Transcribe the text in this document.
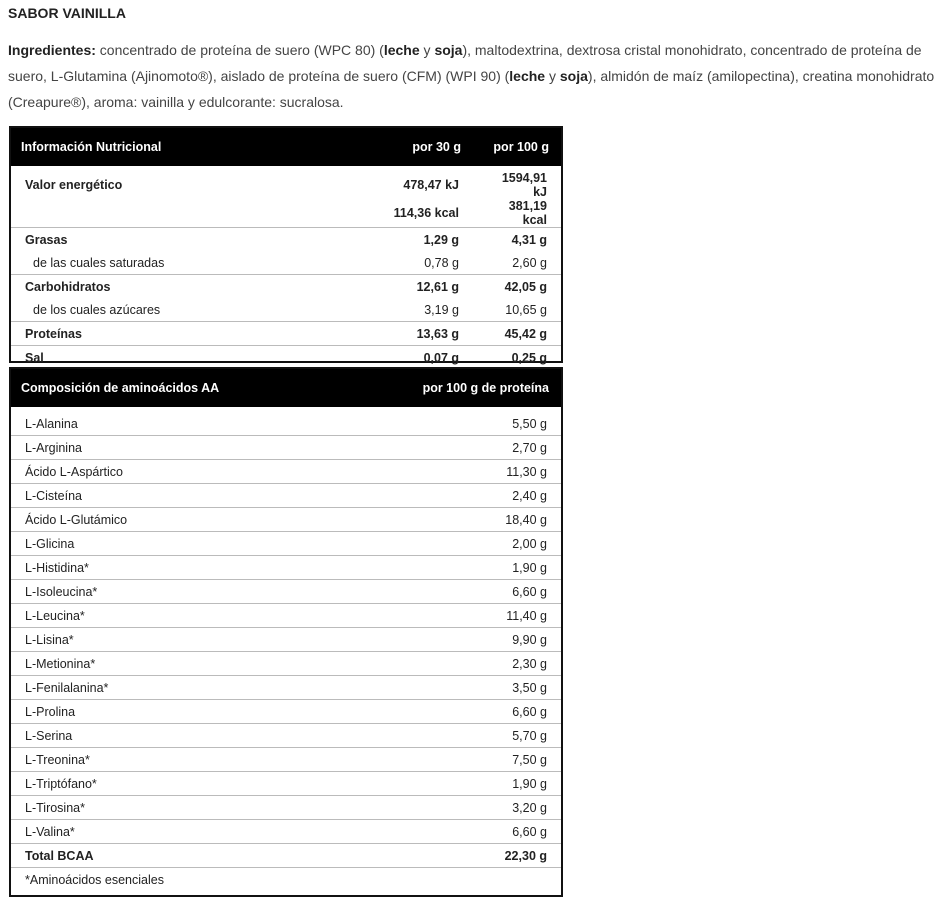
SABOR VAINILLA
Ingredientes: concentrado de proteína de suero (WPC 80) (leche y soja), maltodextrina, dextrosa cristal monohidrato, concentrado de proteína de suero, L-Glutamina (Ajinomoto®), aislado de proteína de suero (CFM) (WPI 90) (leche y soja), almidón de maíz (amilopectina), creatina monohidrato (Creapure®), aroma: vainilla y edulcorante: sucralosa.
Información Nutricional	por 30 g	por 100 g

Valor energético	478,47 kJ	1594,91 kJ
	114,36 kcal	381,19 kcal
Grasas	1,29 g	4,31 g
de las cuales saturadas	0,78 g	2,60 g
Carbohidratos	12,61 g	42,05 g
de los cuales azúcares	3,19 g	10,65 g
Proteínas	13,63 g	45,42 g
Sal	0,07 g	0,25 g
Composición de aminoácidos AA	por 100 g de proteína

L-Alanina	5,50 g
L-Arginina	2,70 g
Ácido L-Aspártico	11,30 g
L-Cisteína	2,40 g
Ácido L-Glutámico	18,40 g
L-Glicina	2,00 g
L-Histidina*	1,90 g
L-Isoleucina*	6,60 g
L-Leucina*	11,40 g
L-Lisina*	9,90 g
L-Metionina*	2,30 g
L-Fenilalanina*	3,50 g
L-Prolina	6,60 g
L-Serina	5,70 g
L-Treonina*	7,50 g
L-Triptófano*	1,90 g
L-Tirosina*	3,20 g
L-Valina*	6,60 g
Total BCAA	22,30 g
*Aminoácidos esenciales	
